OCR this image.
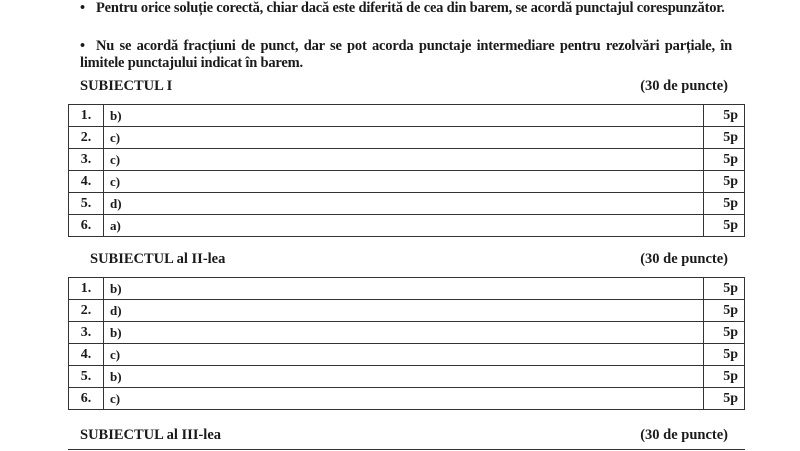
• Pentru orice soluție corectă, chiar dacă este diferită de cea din barem, se acordă punctajul corespunzător.
• Nu se acordă fracțiuni de punct, dar se pot acorda punctaje intermediare pentru rezolvări parțiale, în limitele punctajului indicat în barem.
SUBIECTUL I	(30 de puncte)
1.	b)	5p
2.	c)	5p
3.	c)	5p
4.	c)	5p
5.	d)	5p
6.	a)	5p
SUBIECTUL al II-lea	(30 de puncte)
1.	b)	5p
2.	d)	5p
3.	b)	5p
4.	c)	5p
5.	b)	5p
6.	c)	5p
SUBIECTUL al III-lea	(30 de puncte)
